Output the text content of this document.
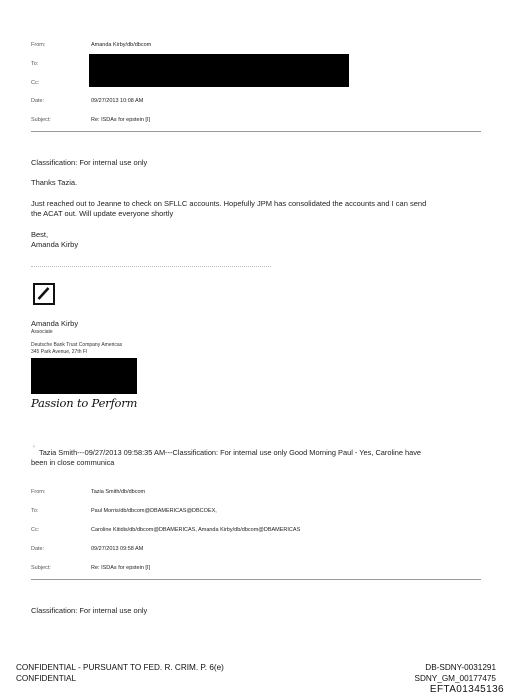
From:	Amanda Kirby/db/dbcom
To:
Cc:
Date:	09/27/2013 10:08 AM
Subject:	Re: ISDAs for epstein [I]
Classification: For internal use only
Thanks Tazia.
Just reached out to Jeanne to check on SFLLC accounts. Hopefully JPM has consolidated the accounts and I can send
the ACAT out. Will update everyone shortly
Best,
Amanda Kirby
Amanda Kirby
Associate
Deutsche Bank Trust Company Americas
345 Park Avenue, 27th Fl
Passion to Perform
“ Tazia Smith---09/27/2013 09:58:35 AM---Classification: For internal use only Good Morning Paul - Yes, Caroline have
been in close communica
From:	Tazia Smith/db/dbcom
To:	Paul Morris/db/dbcom@DBAMERICAS@DBCOEX,
Cc:	Caroline Kitidis/db/dbcom@DBAMERICAS, Amanda Kirby/db/dbcom@DBAMERICAS
Date:	09/27/2013 09:58 AM
Subject:	Re: ISDAs for epstein [I]
Classification: For internal use only
CONFIDENTIAL - PURSUANT TO FED. R. CRIM. P. 6(e)
CONFIDENTIAL
DB-SDNY-0031291
SDNY_GM_00177475
EFTA01345136
